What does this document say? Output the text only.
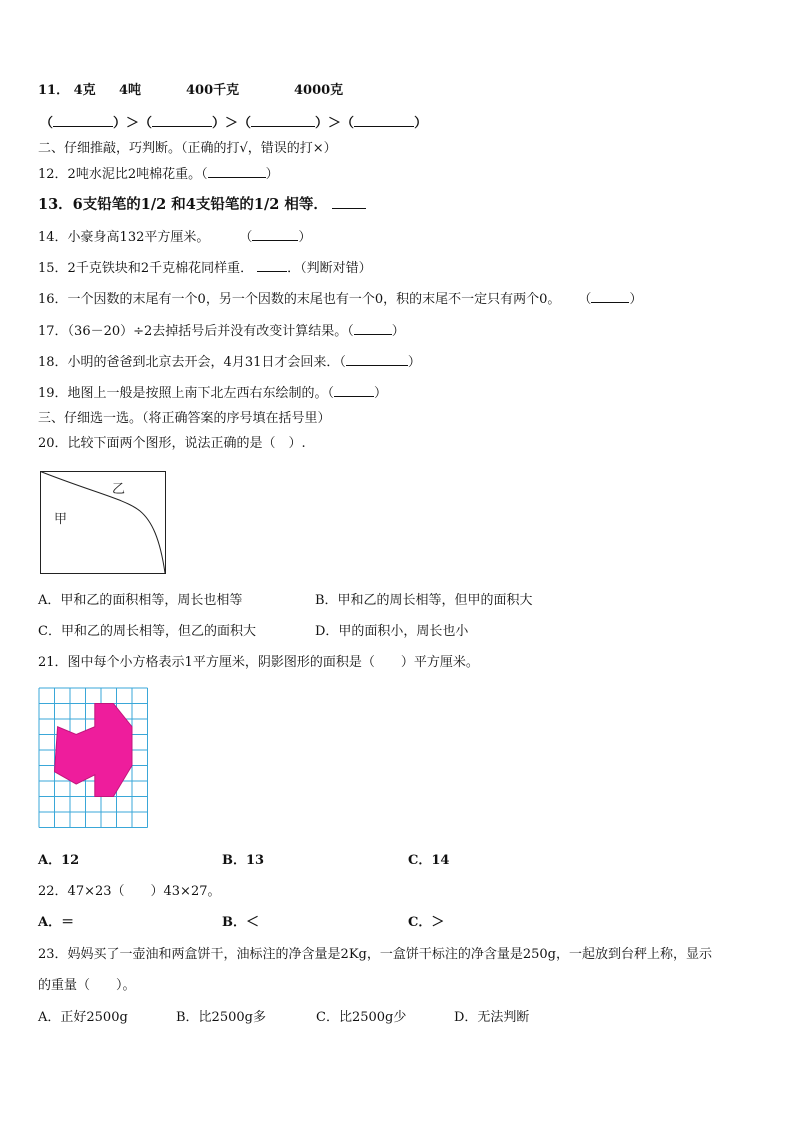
11． 4克 4吨	400千克	4000克
（	）＞（	）＞（	）＞（	）
二、仔细推敲，巧判断。（正确的打√，错误的打×）
12．2吨水泥比2吨棉花重。（	）
13．6支铅笔的1/2 和4支铅笔的1/2 相等．
14．小豪身高132平方厘米。 （	）
15．2千克铁块和2千克棉花同样重．	．（判断对错）
16．一个因数的末尾有一个0，另一个因数的末尾也有一个0，积的末尾不一定只有两个0。 （	）
17．（36－20）÷2去掉括号后并没有改变计算结果。（	）
18．小明的爸爸到北京去开会，4月31日才会回来．（	）
19．地图上一般是按照上南下北左西右东绘制的。（	）
三、仔细选一选。（将正确答案的序号填在括号里）
20．比较下面两个图形，说法正确的是（　）.
甲
乙
A．甲和乙的面积相等，周长也相等	B．甲和乙的周长相等，但甲的面积大
C．甲和乙的周长相等，但乙的面积大	D．甲的面积小，周长也小
21．图中每个小方格表示1平方厘米，阴影图形的面积是（　　）平方厘米。
A．12	B．13	C．14
22．47×23（　　）43×27。
A．＝	B．＜	C．＞
23．妈妈买了一壶油和两盒饼干，油标注的净含量是2Kg，一盒饼干标注的净含量是250g，一起放到台秤上称，显示
的重量（　　）。
A．正好2500g	B．比2500g多	C．比2500g少	D．无法判断
